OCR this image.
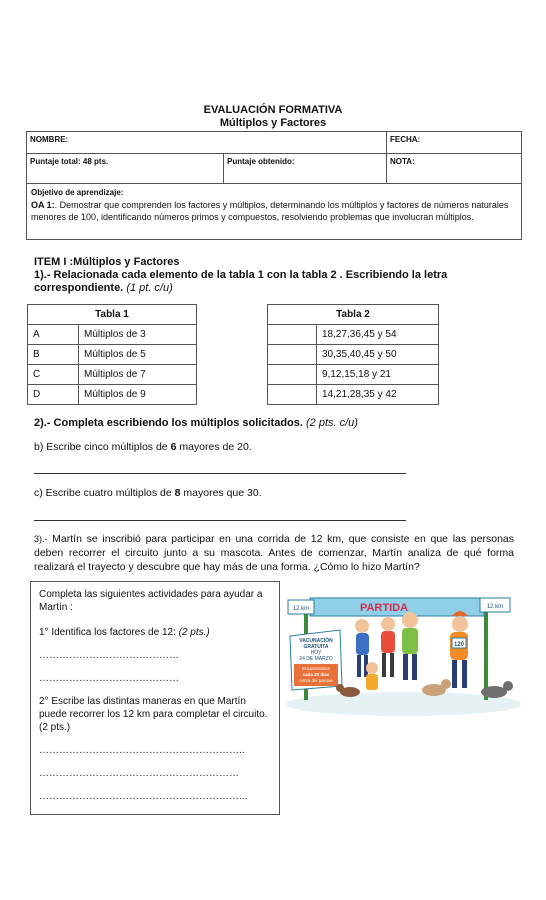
EVALUACIÓN FORMATIVA
Múltiplos y Factores
NOMBRE:		FECHA:
Puntaje total: 48 pts.	Puntaje obtenido:	NOTA:
Objetivo de aprendizaje:
OA 1:. Demostrar que comprenden los factores y múltiplos, determinando los múltiplos y factores de números naturales menores de 100, identificando números primos y compuestos, resolviendo problemas que involucran múltiplos.
ITEM I :Múltiplos y Factores
1).- Relacionada cada elemento de la tabla 1 con la tabla 2 . Escribiendo la letra correspondiente. (1 pt. c/u)
Tabla 1	
A	Múltiplos de 3
B	Múltiplos de 5
C	Múltiplos de 7
D	Múltiplos de 9
Tabla 2	
	18,27,36,45 y 54
	30,35,40,45 y 50
	9,12,15,18 y 21
	14,21,28,35 y 42
2).- Completa escribiendo los múltiplos solicitados. (2 pts. c/u)
b) Escribe cinco múltiplos de 6 mayores de 20.
c) Escribe cuatro múltiplos de 8 mayores que 30.
3).- Martín se inscribió para participar en una corrida de 12 km, que consiste en que las personas deben recorrer el circuito junto a su mascota. Antes de comenzar, Martín analiza de qué forma realizará el trayecto y descubre que hay más de una forma. ¿Cómo lo hizo Martín?
Completa las siguientes actividades para ayudar a Martín :
1° Identifica los factores de 12: (2 pts.)
……………………………………
……………………………………
2° Escribe las distintas maneras en que Martín puede recorrer los 12 km para completar el circuito. (2 pts.)
……………………………………………………..
……………………………………………………
……………………………………………………...
PARTIDA
12 km	12 km
VACUNACIÓN
GRATUITA
HOY
24 DE MARZO
Encuéntranos
cada 20 días
cerca del parque
120
